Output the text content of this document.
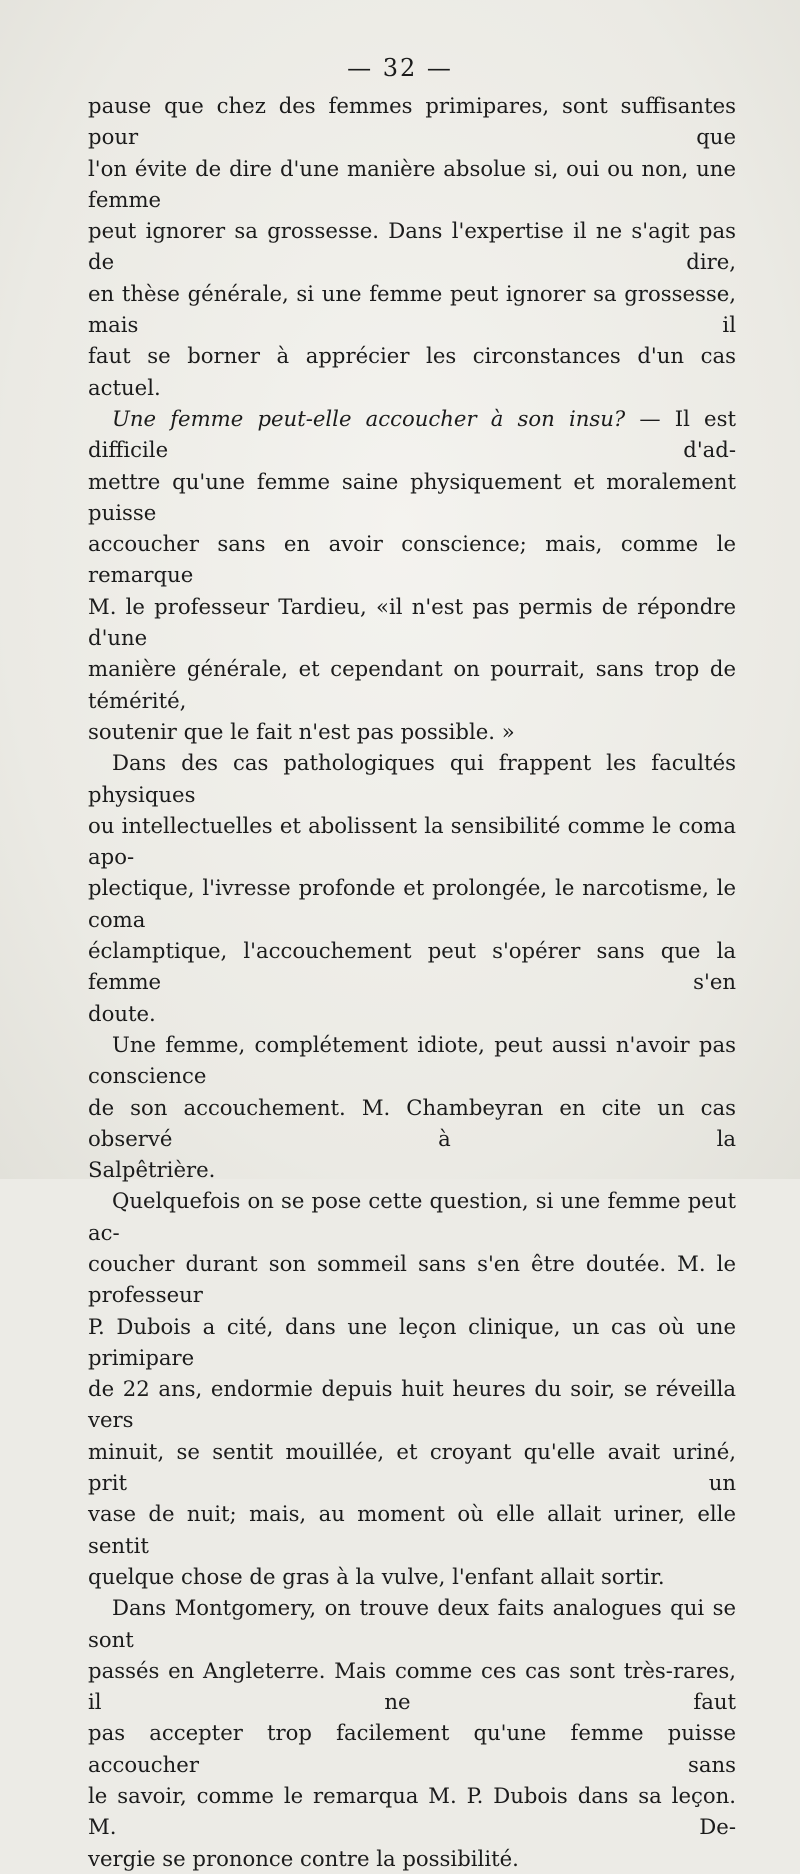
— 32 —

pause que chez des femmes primipares, sont suffisantes pour que

l'on évite de dire d'une manière absolue si, oui ou non, une femme

peut ignorer sa grossesse. Dans l'expertise il ne s'agit pas de dire,

en thèse générale, si une femme peut ignorer sa grossesse, mais il

faut se borner à apprécier les circonstances d'un cas actuel.

Une femme peut-elle accoucher à son insu? — Il est difficile d'ad-

mettre qu'une femme saine physiquement et moralement puisse

accoucher sans en avoir conscience; mais, comme le remarque

M. le professeur Tardieu, «il n'est pas permis de répondre d'une

manière générale, et cependant on pourrait, sans trop de témérité,

soutenir que le fait n'est pas possible. »

Dans des cas pathologiques qui frappent les facultés physiques

ou intellectuelles et abolissent la sensibilité comme le coma apo-

plectique, l'ivresse profonde et prolongée, le narcotisme, le coma

éclamptique, l'accouchement peut s'opérer sans que la femme s'en

doute.

Une femme, complétement idiote, peut aussi n'avoir pas conscience

de son accouchement. M. Chambeyran en cite un cas observé à la

Salpêtrière.

Quelquefois on se pose cette question, si une femme peut ac-

coucher durant son sommeil sans s'en être doutée. M. le professeur

P. Dubois a cité, dans une leçon clinique, un cas où une primipare

de 22 ans, endormie depuis huit heures du soir, se réveilla vers

minuit, se sentit mouillée, et croyant qu'elle avait uriné, prit un

vase de nuit; mais, au moment où elle allait uriner, elle sentit

quelque chose de gras à la vulve, l'enfant allait sortir.

Dans Montgomery, on trouve deux faits analogues qui se sont

passés en Angleterre. Mais comme ces cas sont très-rares, il ne faut

pas accepter trop facilement qu'une femme puisse accoucher sans

le savoir, comme le remarqua M. P. Dubois dans sa leçon. M. De-

vergie se prononce contre la possibilité.
